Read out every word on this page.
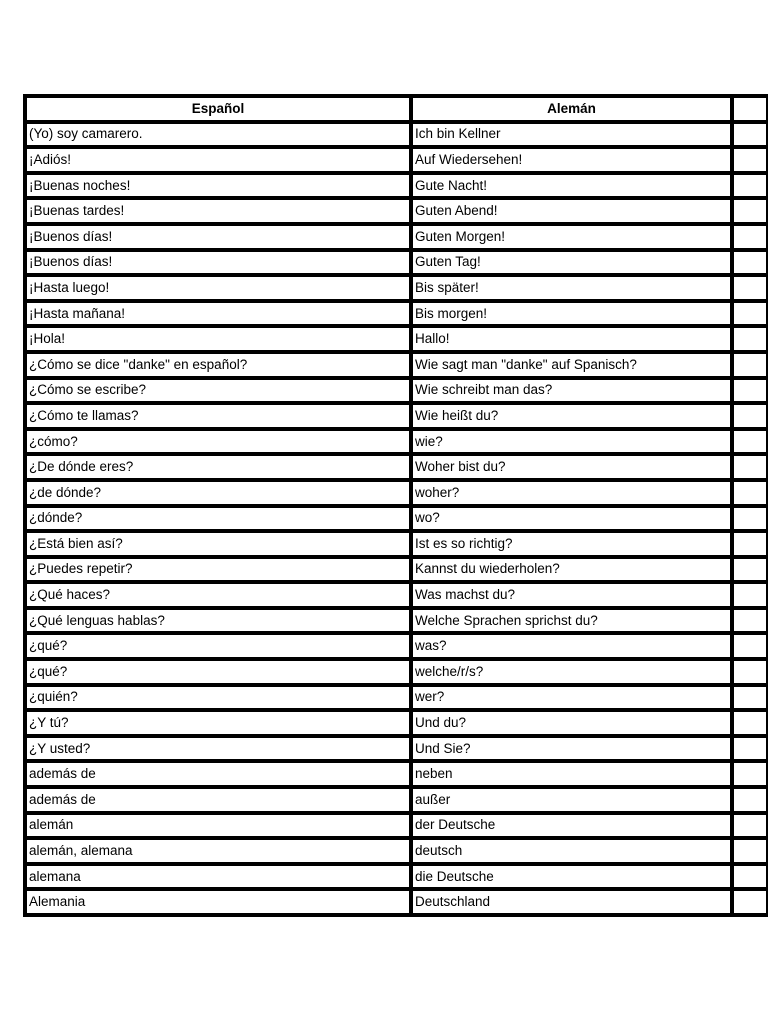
Español	Alemán	
(Yo) soy camarero.	Ich bin Kellner	
¡Adiós!	Auf Wiedersehen!	
¡Buenas noches!	Gute Nacht!	
¡Buenas tardes!	Guten Abend!	
¡Buenos días!	Guten Morgen!	
¡Buenos días!	Guten Tag!	
¡Hasta luego!	Bis später!	
¡Hasta mañana!	Bis morgen!	
¡Hola!	Hallo!	
¿Cómo se dice "danke" en español?	Wie sagt man "danke" auf Spanisch?	
¿Cómo se escribe?	Wie schreibt man das?	
¿Cómo te llamas?	Wie heißt du?	
¿cómo?	wie?	
¿De dónde eres?	Woher bist du?	
¿de dónde?	woher?	
¿dónde?	wo?	
¿Está bien así?	Ist es so richtig?	
¿Puedes repetir?	Kannst du wiederholen?	
¿Qué haces?	Was machst du?	
¿Qué lenguas hablas?	Welche Sprachen sprichst du?	
¿qué?	was?	
¿qué?	welche/r/s?	
¿quién?	wer?	
¿Y tú?	Und du?	
¿Y usted?	Und Sie?	
además de	neben	
además de	außer	
alemán	der Deutsche	
alemán, alemana	deutsch	
alemana	die Deutsche	
Alemania	Deutschland	
